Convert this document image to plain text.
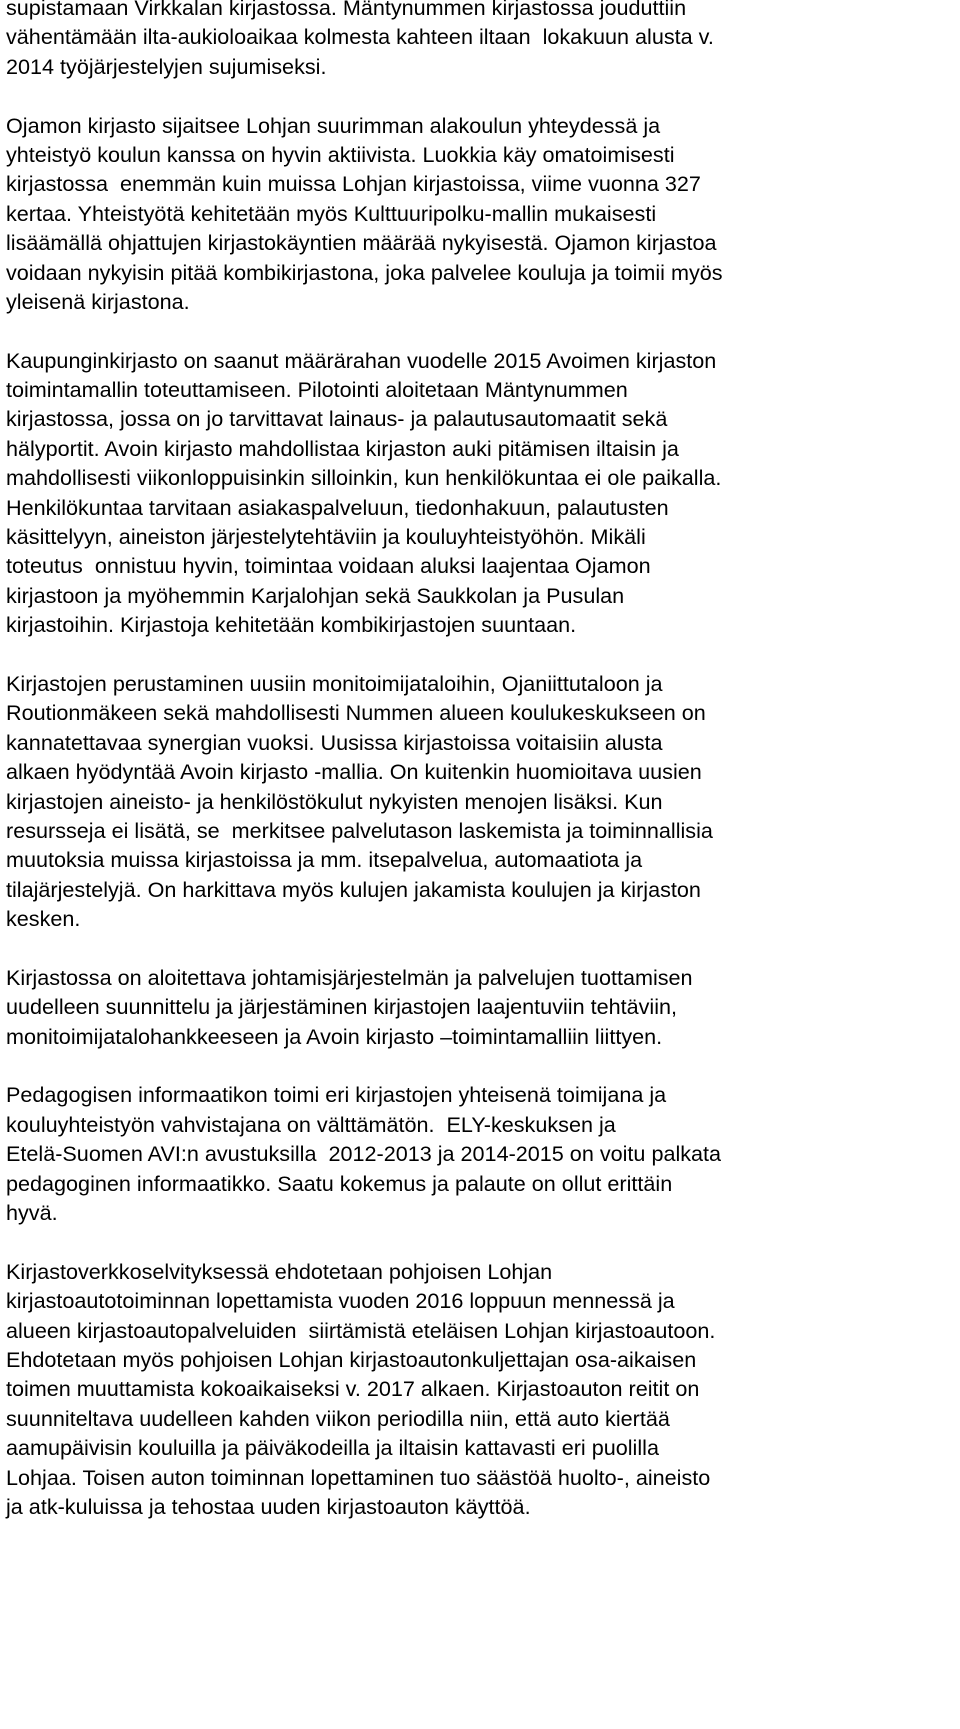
supistamaan Virkkalan kirjastossa. Mäntynummen kirjastossa jouduttiin
vähentämään ilta-aukioloaikaa kolmesta kahteen iltaan  lokakuun alusta v.
2014 työjärjestelyjen sujumiseksi.
Ojamon kirjasto sijaitsee Lohjan suurimman alakoulun yhteydessä ja
yhteistyö koulun kanssa on hyvin aktiivista. Luokkia käy omatoimisesti
kirjastossa  enemmän kuin muissa Lohjan kirjastoissa, viime vuonna 327
kertaa. Yhteistyötä kehitetään myös Kulttuuripolku-mallin mukaisesti
lisäämällä ohjattujen kirjastokäyntien määrää nykyisestä. Ojamon kirjastoa
voidaan nykyisin pitää kombikirjastona, joka palvelee kouluja ja toimii myös
yleisenä kirjastona.
Kaupunginkirjasto on saanut määrärahan vuodelle 2015 Avoimen kirjaston
toimintamallin toteuttamiseen. Pilotointi aloitetaan Mäntynummen
kirjastossa, jossa on jo tarvittavat lainaus- ja palautusautomaatit sekä
hälyportit. Avoin kirjasto mahdollistaa kirjaston auki pitämisen iltaisin ja
mahdollisesti viikonloppuisinkin silloinkin, kun henkilökuntaa ei ole paikalla.
Henkilökuntaa tarvitaan asiakaspalveluun, tiedonhakuun, palautusten
käsittelyyn, aineiston järjestelytehtäviin ja kouluyhteistyöhön. Mikäli
toteutus  onnistuu hyvin, toimintaa voidaan aluksi laajentaa Ojamon
kirjastoon ja myöhemmin Karjalohjan sekä Saukkolan ja Pusulan
kirjastoihin. Kirjastoja kehitetään kombikirjastojen suuntaan.
Kirjastojen perustaminen uusiin monitoimijataloihin, Ojaniittutaloon ja
Routionmäkeen sekä mahdollisesti Nummen alueen koulukeskukseen on
kannatettavaa synergian vuoksi. Uusissa kirjastoissa voitaisiin alusta
alkaen hyödyntää Avoin kirjasto -mallia. On kuitenkin huomioitava uusien
kirjastojen aineisto- ja henkilöstökulut nykyisten menojen lisäksi. Kun
resursseja ei lisätä, se  merkitsee palvelutason laskemista ja toiminnallisia
muutoksia muissa kirjastoissa ja mm. itsepalvelua, automaatiota ja
tilajärjestelyjä. On harkittava myös kulujen jakamista koulujen ja kirjaston
kesken.
Kirjastossa on aloitettava johtamisjärjestelmän ja palvelujen tuottamisen
uudelleen suunnittelu ja järjestäminen kirjastojen laajentuviin tehtäviin,
monitoimijatalohankkeeseen ja Avoin kirjasto –toimintamalliin liittyen.
Pedagogisen informaatikon toimi eri kirjastojen yhteisenä toimijana ja
kouluyhteistyön vahvistajana on välttämätön.  ELY-keskuksen ja
Etelä-Suomen AVI:n avustuksilla  2012-2013 ja 2014-2015 on voitu palkata
pedagoginen informaatikko. Saatu kokemus ja palaute on ollut erittäin
hyvä.
Kirjastoverkkoselvityksessä ehdotetaan pohjoisen Lohjan
kirjastoautotoiminnan lopettamista vuoden 2016 loppuun mennessä ja
alueen kirjastoautopalveluiden  siirtämistä eteläisen Lohjan kirjastoautoon.
Ehdotetaan myös pohjoisen Lohjan kirjastoautonkuljettajan osa-aikaisen
toimen muuttamista kokoaikaiseksi v. 2017 alkaen. Kirjastoauton reitit on
suunniteltava uudelleen kahden viikon periodilla niin, että auto kiertää
aamupäivisin kouluilla ja päiväkodeilla ja iltaisin kattavasti eri puolilla
Lohjaa. Toisen auton toiminnan lopettaminen tuo säästöä huolto-, aineisto
ja atk-kuluissa ja tehostaa uuden kirjastoauton käyttöä.
